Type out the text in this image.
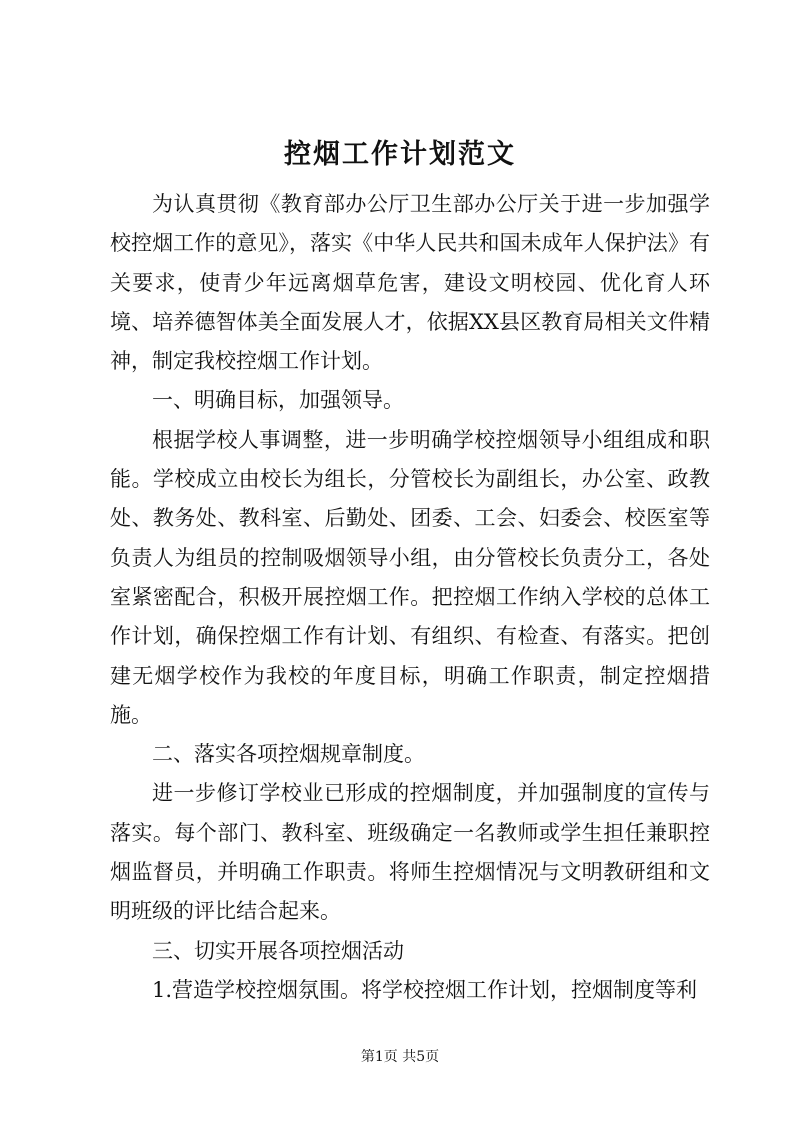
控烟工作计划范文

为认真贯彻《教育部办公厅卫生部办公厅关于进一步加强学校控烟工作的意见》，落实《中华人民共和国未成年人保护法》有关要求，使青少年远离烟草危害，建设文明校园、优化育人环境、培养德智体美全面发展人才，依据XX县区教育局相关文件精神，制定我校控烟工作计划。

一、明确目标，加强领导。

根据学校人事调整，进一步明确学校控烟领导小组组成和职能。学校成立由校长为组长，分管校长为副组长，办公室、政教处、教务处、教科室、后勤处、团委、工会、妇委会、校医室等负责人为组员的控制吸烟领导小组，由分管校长负责分工，各处室紧密配合，积极开展控烟工作。把控烟工作纳入学校的总体工作计划，确保控烟工作有计划、有组织、有检查、有落实。把创建无烟学校作为我校的年度目标，明确工作职责，制定控烟措施。

二、落实各项控烟规章制度。

进一步修订学校业已形成的控烟制度，并加强制度的宣传与落实。每个部门、教科室、班级确定一名教师或学生担任兼职控烟监督员，并明确工作职责。将师生控烟情况与文明教研组和文明班级的评比结合起来。

三、切实开展各项控烟活动

1.营造学校控烟氛围。将学校控烟工作计划，控烟制度等利

第1页 共5页
